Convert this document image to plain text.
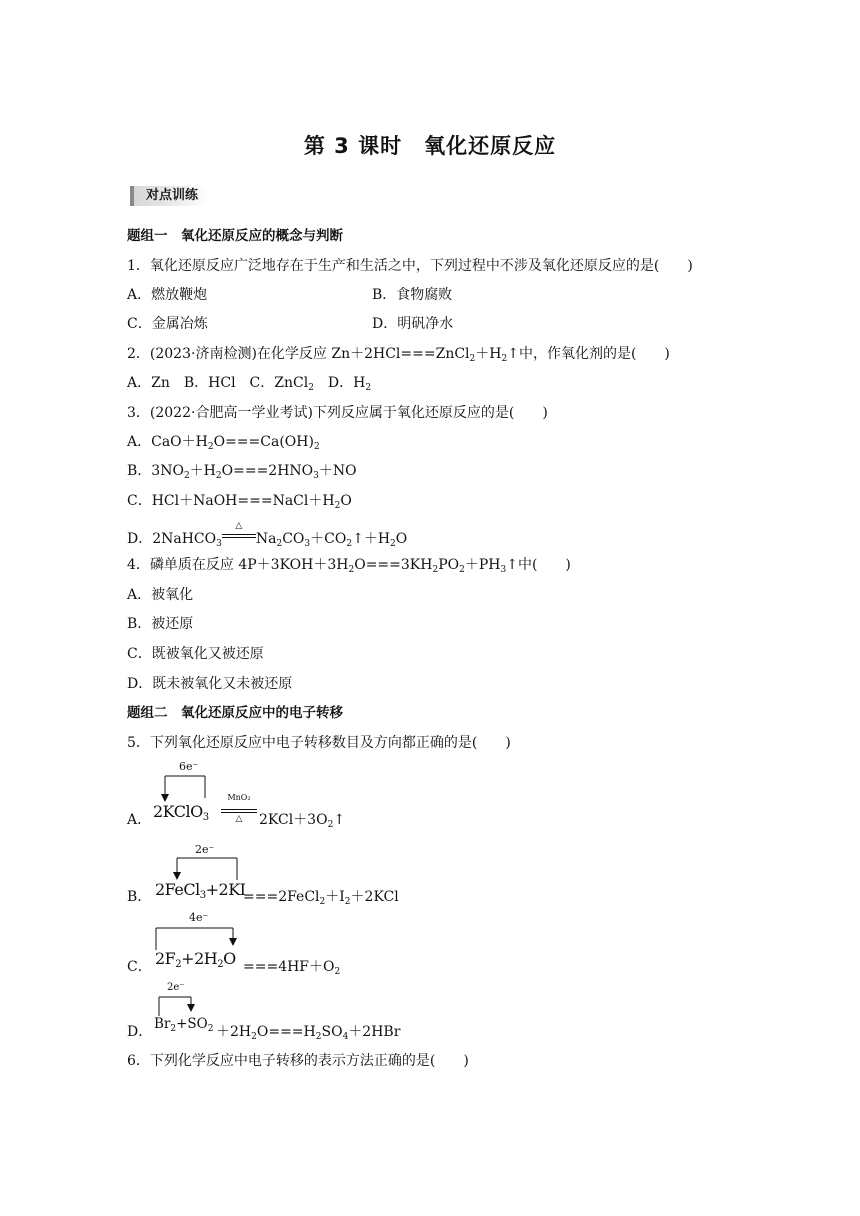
第 3 课时　氧化还原反应
对点训练
题组一　氧化还原反应的概念与判断
1．氧化还原反应广泛地存在于生产和生活之中，下列过程中不涉及氧化还原反应的是(　　)
A．燃放鞭炮	B．食物腐败
C．金属冶炼	D．明矾净水
2．(2023·济南检测)在化学反应 $Zn+2HCl===ZnCl_2+H_2↑$中，作氧化剂的是(　　)
A．Zn　B．HCl　C．ZnCl$_2$　D．$H_2$
3．(2022·合肥高一学业考试)下列反应属于氧化还原反应的是(　　)
A．$CaO+H_2O===Ca(OH)_2$
B．$3NO_2+H_2O===2HNO_3+NO$
C．$HCl+NaOH===NaCl+H_2O$
D．2NaHCO$_3$
△
$Na_2CO_3+CO_2↑+H_2O$
4．磷单质在反应 $4P+3KOH+3H_2O===3KH_2PO_2+PH_3↑$中(　　)
A．被氧化
B．被还原
C．既被氧化又被还原
D．既未被氧化又未被还原
题组二　氧化还原反应中的电子转移
5．下列氧化还原反应中电子转移数目及方向都正确的是(　　)
A．
6e⁻
2KClO$_3$
MnO₂
△	$2KCl+3O_2↑$
B．
2e⁻
2FeCl$_3$+2KI
$===2FeCl_2+I_2+2KCl$
C．
4e⁻
$2F_2+2H_2O ===4HF+O_2$
D．
2e⁻
$Br_2+SO_2 +2H_2O===H_2SO_4+2HBr$
6．下列化学反应中电子转移的表示方法正确的是(　　)
